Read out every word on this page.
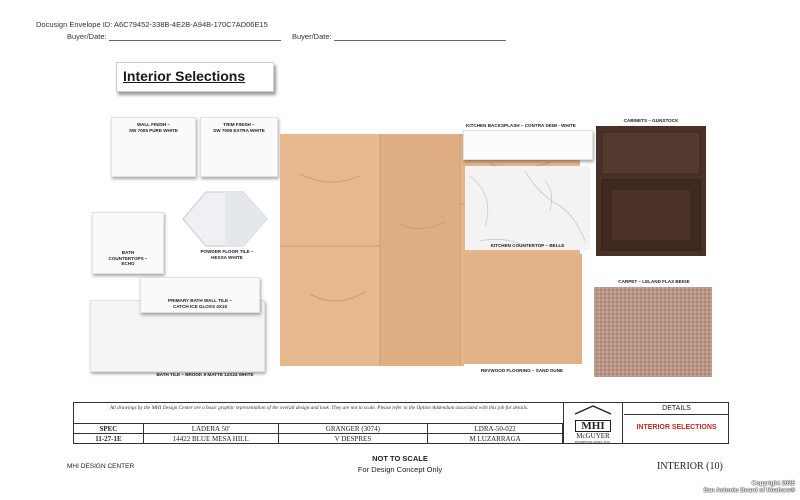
Docusign Envelope ID: A6C79452-338B-4E2B-A94B-170C7AD06E15
Buyer/Date:	Buyer/Date:
Interior Selections
WALL FINISH –
SW 7005 PURE WHITE
TRIM FINISH –
SW 7008 EXTRA WHITE
BATH
COUNTERTOPS –
ECHO
POWDER FLOOR TILE –
HEXSA WHITE
PRIMARY BATH WALL TILE –
CATCH ICE GLOSS 4X10
BATH TILE – BROOK II MATTE 12X24 WHITE
REVWOOD FLOORING – SAND DUNE
KITCHEN BACKSPLASH – CONTRA DEMI - WHITE
KITCHEN COUNTERTOP – BELLE
CABINETS – GUNSTOCK
CARPET – LELAND FLAX BEIGE
All drawings by the MHI Design Center are a basic graphic representation of the overall design and look. They are not to scale. Please refer to the Option Addendum associated with this job for details.
SPEC	LADERA 50'	GRANGER (3074)	LDRA-50-022
11-27-1E	14422 BLUE MESA HILL	V DESPRES	M LUZARRAGA
MHI
McGUYER
HOMEBUILDERS, INC.
DETAILS
INTERIOR SELECTIONS
MHI DESIGN CENTER
NOT TO SCALE
For Design Concept Only	INTERIOR (10)
Copyright 2025
San Antonio Board of Realtors®
